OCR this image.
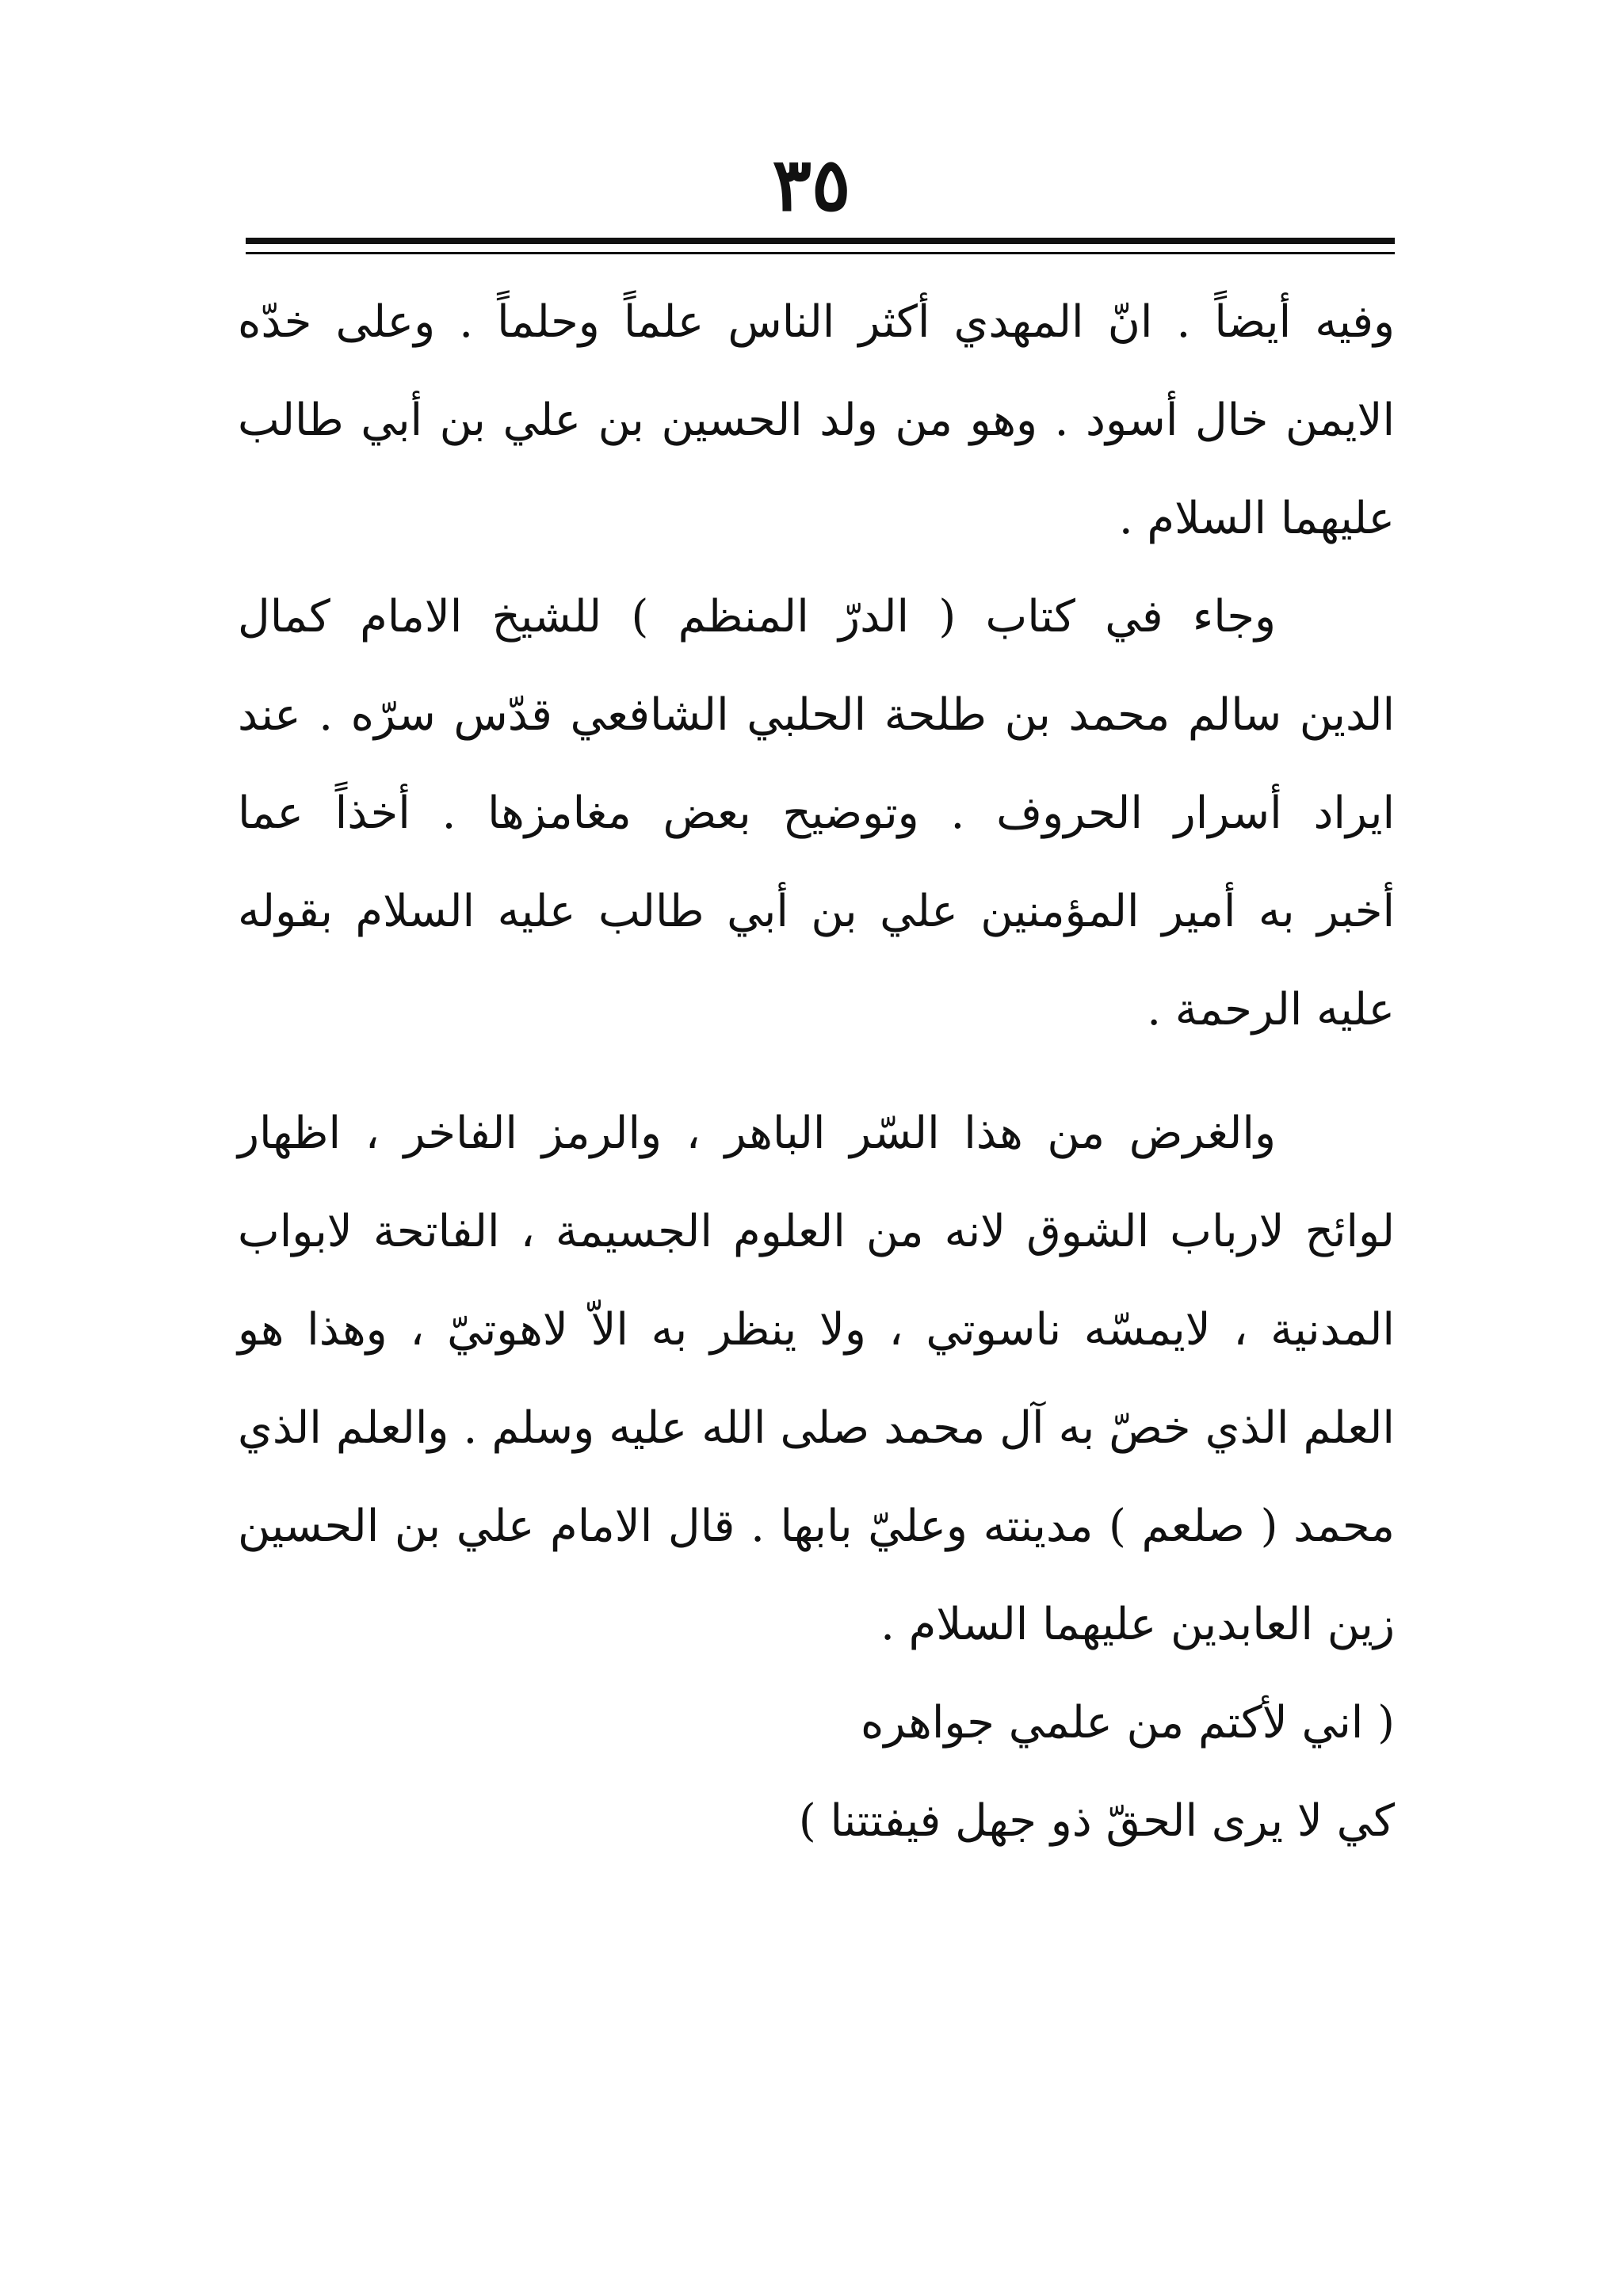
٣٥
وفيه أيضاً . انّ المهدي أكثر الناس علماً وحلماً . وعلى خدّه
الايمن خال أسود . وهو من ولد الحسين بن علي بن أبي طالب
عليهما السلام .
وجاء في كتاب ( الدرّ المنظم ) للشيخ الامام كمال
الدين سالم محمد بن طلحة الحلبي الشافعي قدّس سرّه . عند
ايراد أسرار الحروف . وتوضيح بعض مغامزها . أخذاً عما
أخبر به أمير المؤمنين علي بن أبي طالب عليه السلام بقوله
عليه الرحمة .
والغرض من هذا السّر الباهر ، والرمز الفاخر ، اظهار
لوائح لارباب الشوق لانه من العلوم الجسيمة ، الفاتحة لابواب
المدنية ، لايمسّه ناسوتي ، ولا ينظر به الاّ لاهوتيّ ، وهذا هو
العلم الذي خصّ به آل محمد صلى الله عليه وسلم . والعلم الذي
محمد ( صلعم ) مدينته وعليّ بابها . قال الامام علي بن الحسين
زين العابدين عليهما السلام .
( اني لأكتم من علمي جواهره
كي لا يرى الحقّ ذو جهل فيفتتنا )
